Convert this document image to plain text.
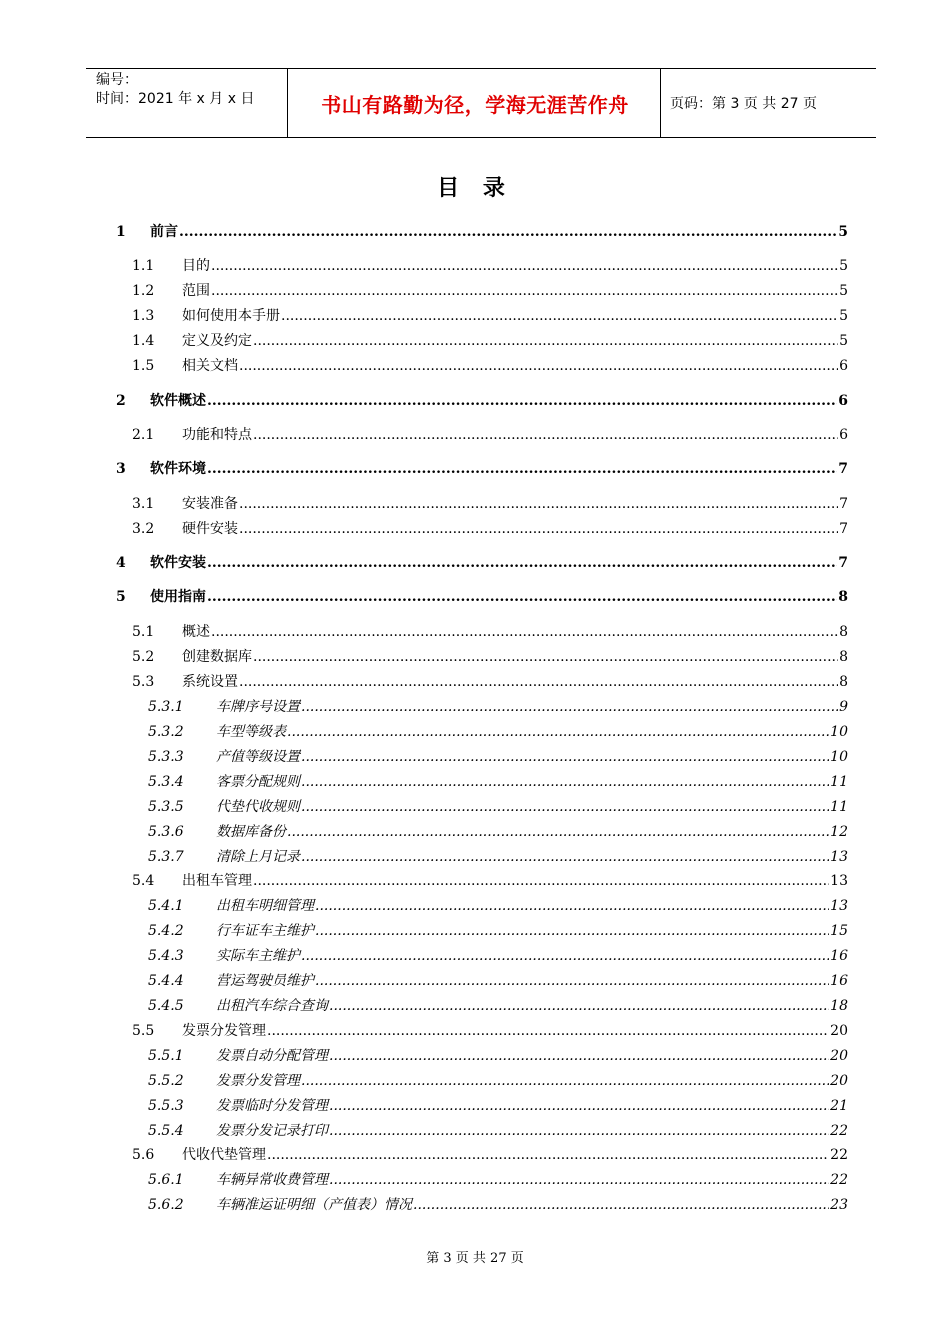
编号：
时间：2021 年 x 月 x 日	书山有路勤为径，学海无涯苦作舟	页码：第 3 页 共 27 页
目 录
1	前言 .....	5
1.1	目的 .....	5
1.2	范围 .....	5
1.3	如何使用本手册 .....	5
1.4	定义及约定 .....	5
1.5	相关文档 .....	6
2	软件概述 .....	6
2.1	功能和特点 .....	6
3	软件环境 .....	7
3.1	安装准备 .....	7
3.2	硬件安装 .....	7
4	软件安装 .....	7
5	使用指南 .....	8
5.1	概述 .....	8
5.2	创建数据库 .....	8
5.3	系统设置 .....	8
5.3.1	车牌序号设置 .....	9
5.3.2	车型等级表 .....	10
5.3.3	产值等级设置 .....	10
5.3.4	客票分配规则 .....	11
5.3.5	代垫代收规则 .....	11
5.3.6	数据库备份 .....	12
5.3.7	清除上月记录 .....	13
5.4	出租车管理 .....	13
5.4.1	出租车明细管理 .....	13
5.4.2	行车证车主维护 .....	15
5.4.3	实际车主维护 .....	16
5.4.4	营运驾驶员维护 .....	16
5.4.5	出租汽车综合查询 .....	18
5.5	发票分发管理 .....	20
5.5.1	发票自动分配管理 .....	20
5.5.2	发票分发管理 .....	20
5.5.3	发票临时分发管理 .....	21
5.5.4	发票分发记录打印 .....	22
5.6	代收代垫管理 .....	22
5.6.1	车辆异常收费管理 .....	22
5.6.2	车辆准运证明细（产值表）情况 .....	23
第 3 页 共 27 页
